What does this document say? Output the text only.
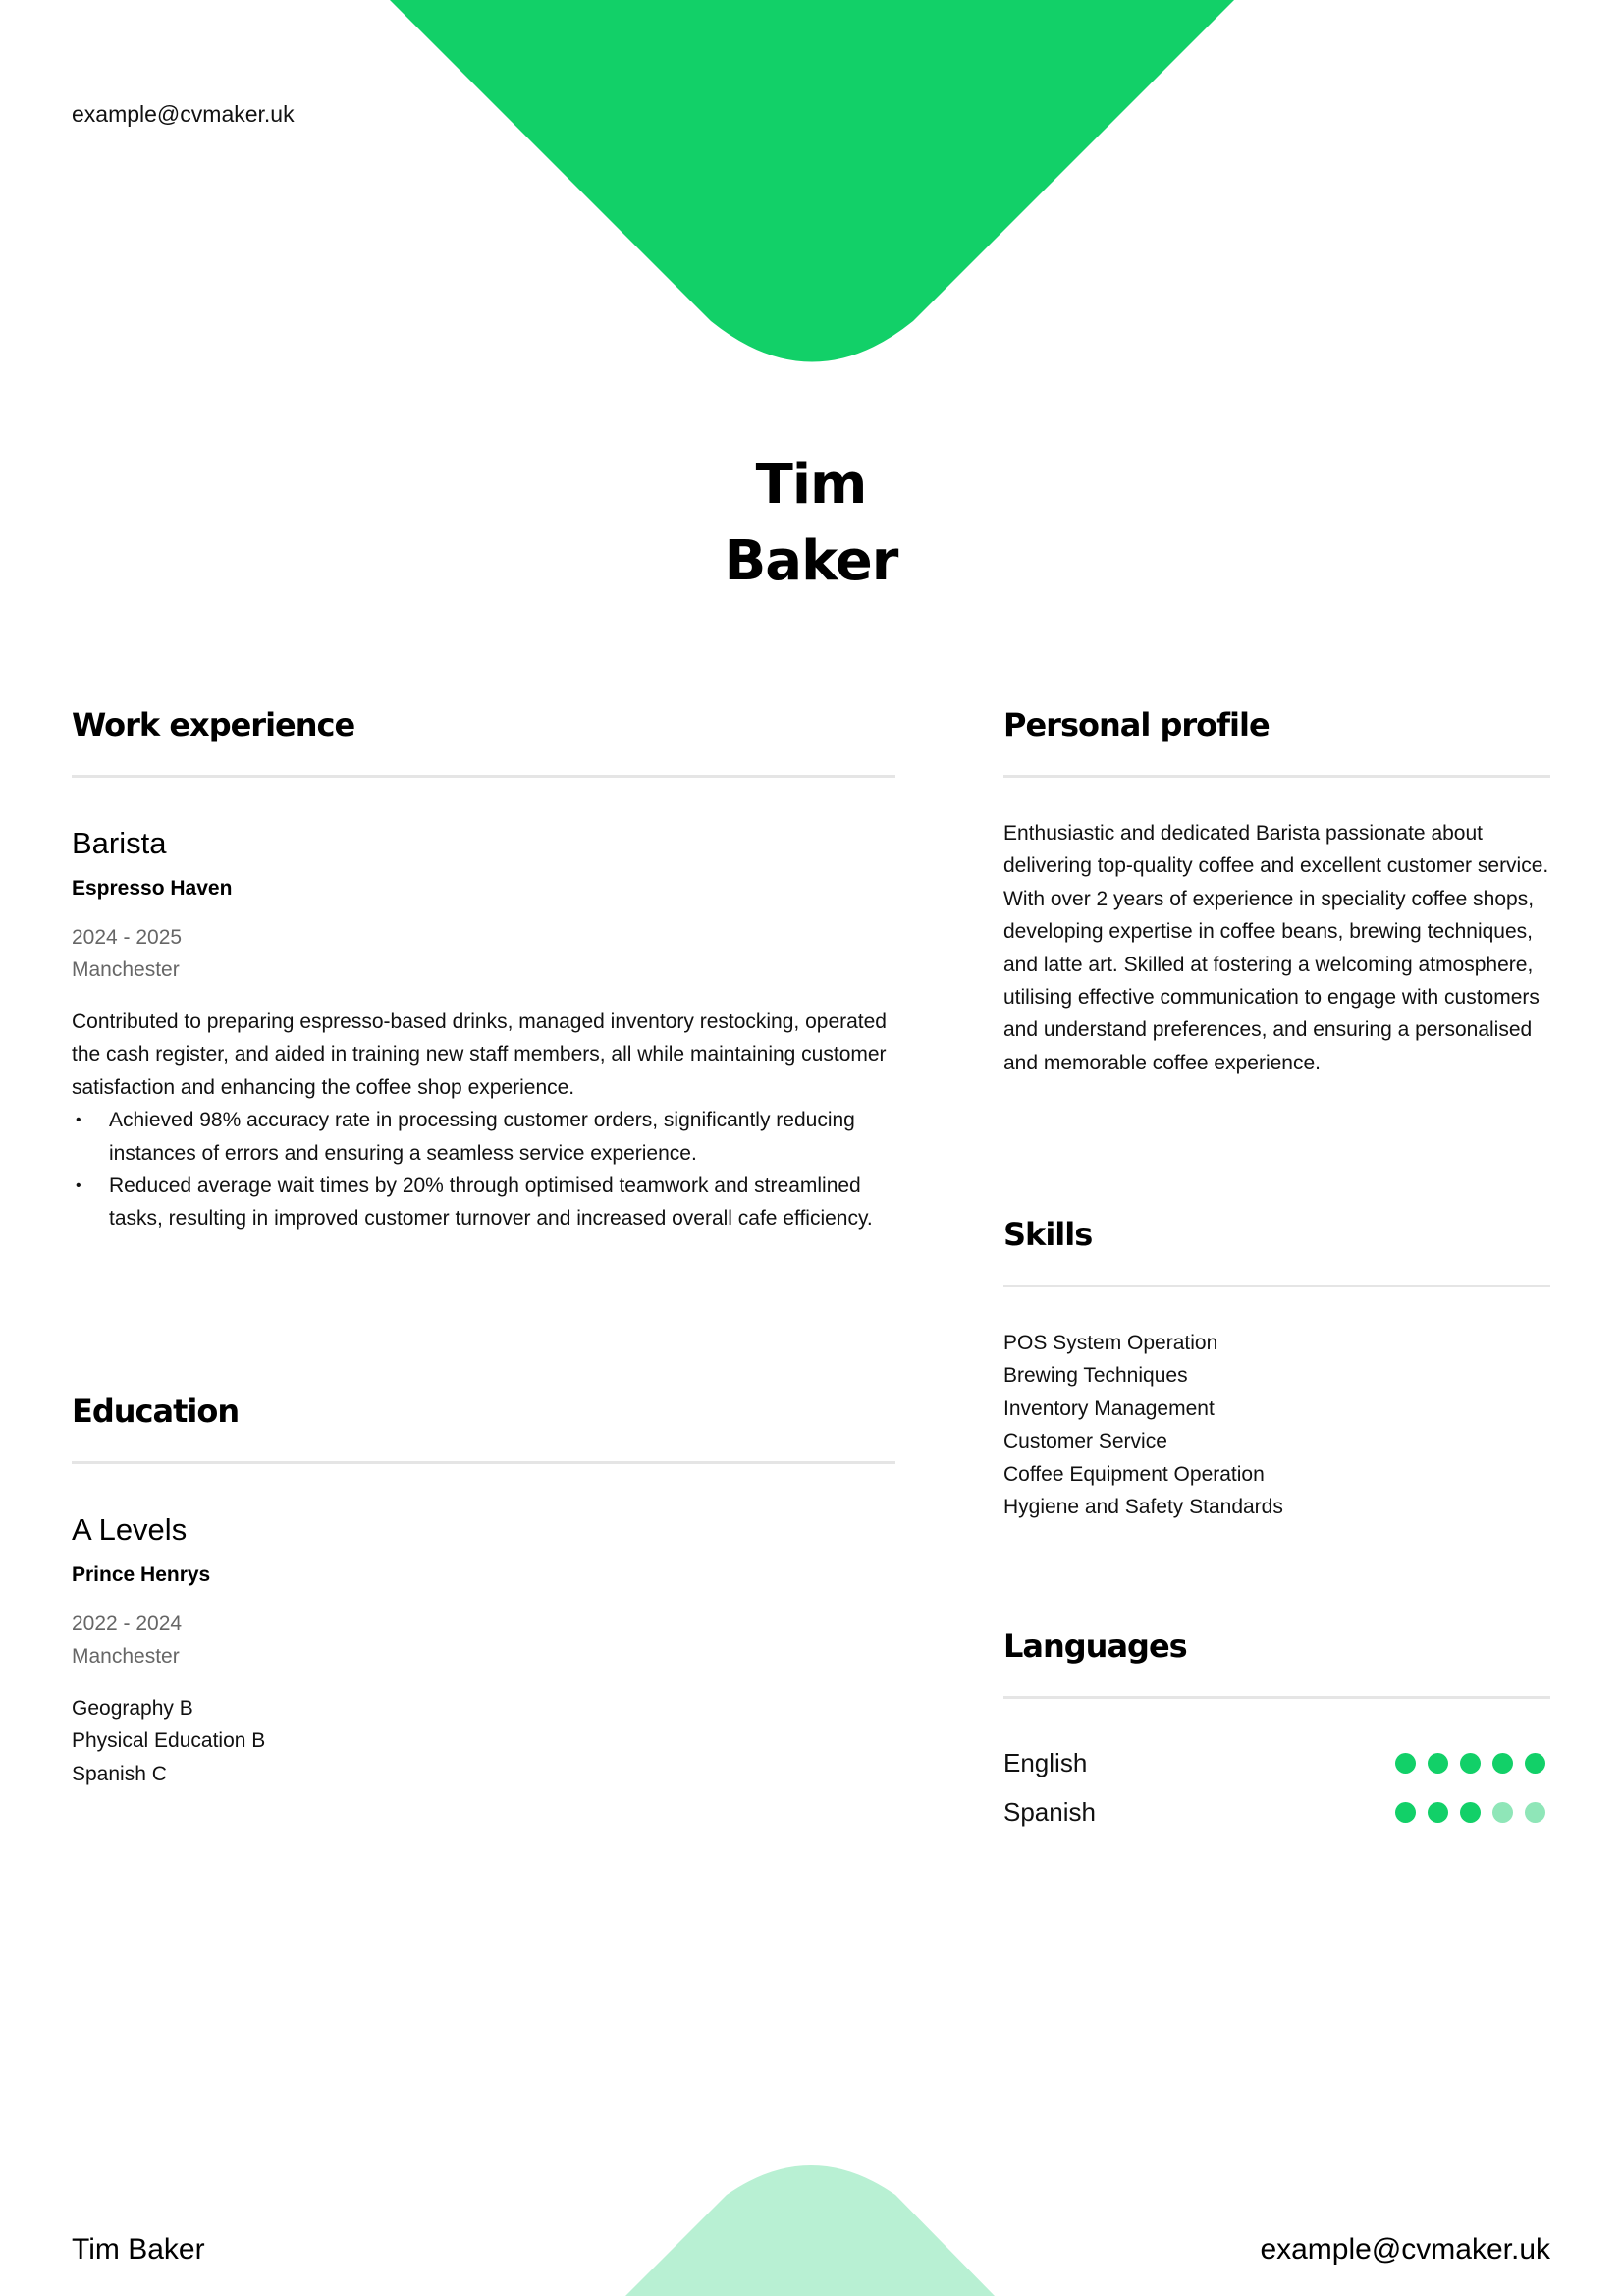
example@cvmaker.uk
Tim
Baker
Work experience
Barista
Espresso Haven
2024 - 2025
Manchester

Contributed to preparing espresso-based drinks, managed inventory restocking, operated the cash register, and aided in training new staff members, all while maintaining customer satisfaction and enhancing the coffee shop experience.

• Achieved 98% accuracy rate in processing customer orders, significantly reducing instances of errors and ensuring a seamless service experience.
• Reduced average wait times by 20% through optimised teamwork and streamlined tasks, resulting in improved customer turnover and increased overall cafe efficiency.
Education
A Levels
Prince Henrys
2022 - 2024
Manchester
Geography B
Physical Education B
Spanish C
Personal profile

Enthusiastic and dedicated Barista passionate about delivering top-quality coffee and excellent customer service. With over 2 years of experience in speciality coffee shops, developing expertise in coffee beans, brewing techniques, and latte art. Skilled at fostering a welcoming atmosphere, utilising effective communication to engage with customers and understand preferences, and ensuring a personalised and memorable coffee experience.

Skills
POS System Operation
Brewing Techniques
Inventory Management
Customer Service
Coffee Equipment Operation
Hygiene and Safety Standards
Languages
English
Spanish
Tim Baker	example@cvmaker.uk
